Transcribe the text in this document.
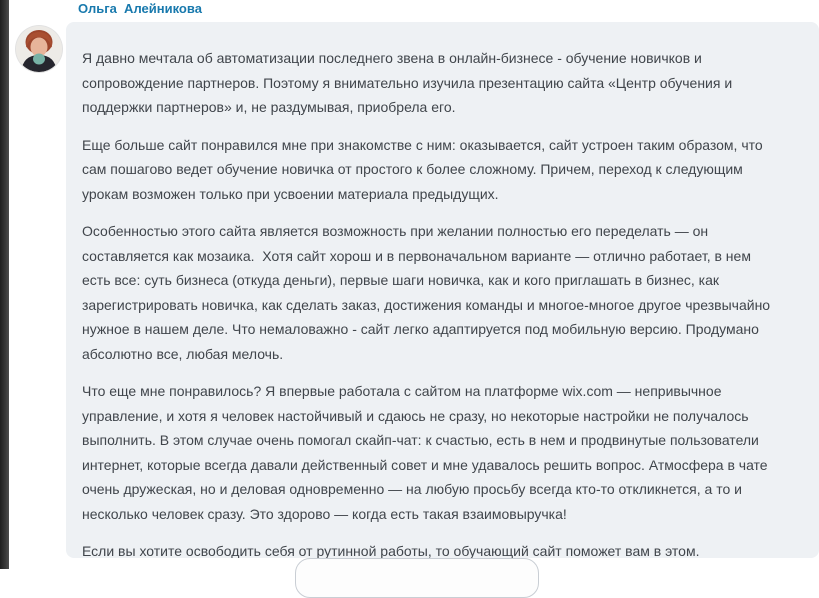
Ольга  Алейникова

Я давно мечтала об автоматизации последнего звена в онлайн-бизнесе - обучение новичков и сопровождение партнеров. Поэтому я внимательно изучила презентацию сайта «Центр обучения и поддержки партнеров» и, не раздумывая, приобрела его.

Еще больше сайт понравился мне при знакомстве с ним: оказывается, сайт устроен таким образом, что сам пошагово ведет обучение новичка от простого к более сложному. Причем, переход к следующим урокам возможен только при усвоении материала предыдущих.

Особенностью этого сайта является возможность при желании полностью его переделать — он составляется как мозаика.  Хотя сайт хорош и в первоначальном варианте — отлично работает, в нем есть все: суть бизнеса (откуда деньги), первые шаги новичка, как и кого приглашать в бизнес, как зарегистрировать новичка, как сделать заказ, достижения команды и многое-многое другое чрезвычайно нужное в нашем деле. Что немаловажно - сайт легко адаптируется под мобильную версию. Продумано абсолютно все, любая мелочь.

Что еще мне понравилось? Я впервые работала с сайтом на платформе wix.com — непривычное управление, и хотя я человек настойчивый и сдаюсь не сразу, но некоторые настройки не получалось выполнить. В этом случае очень помогал скайп-чат: к счастью, есть в нем и продвинутые пользователи интернет, которые всегда давали действенный совет и мне удавалось решить вопрос. Атмосфера в чате очень дружеская, но и деловая одновременно — на любую просьбу всегда кто-то откликнется, а то и несколько человек сразу. Это здорово — когда есть такая взаимовыручка!

Если вы хотите освободить себя от рутинной работы, то обучающий сайт поможет вам в этом.
